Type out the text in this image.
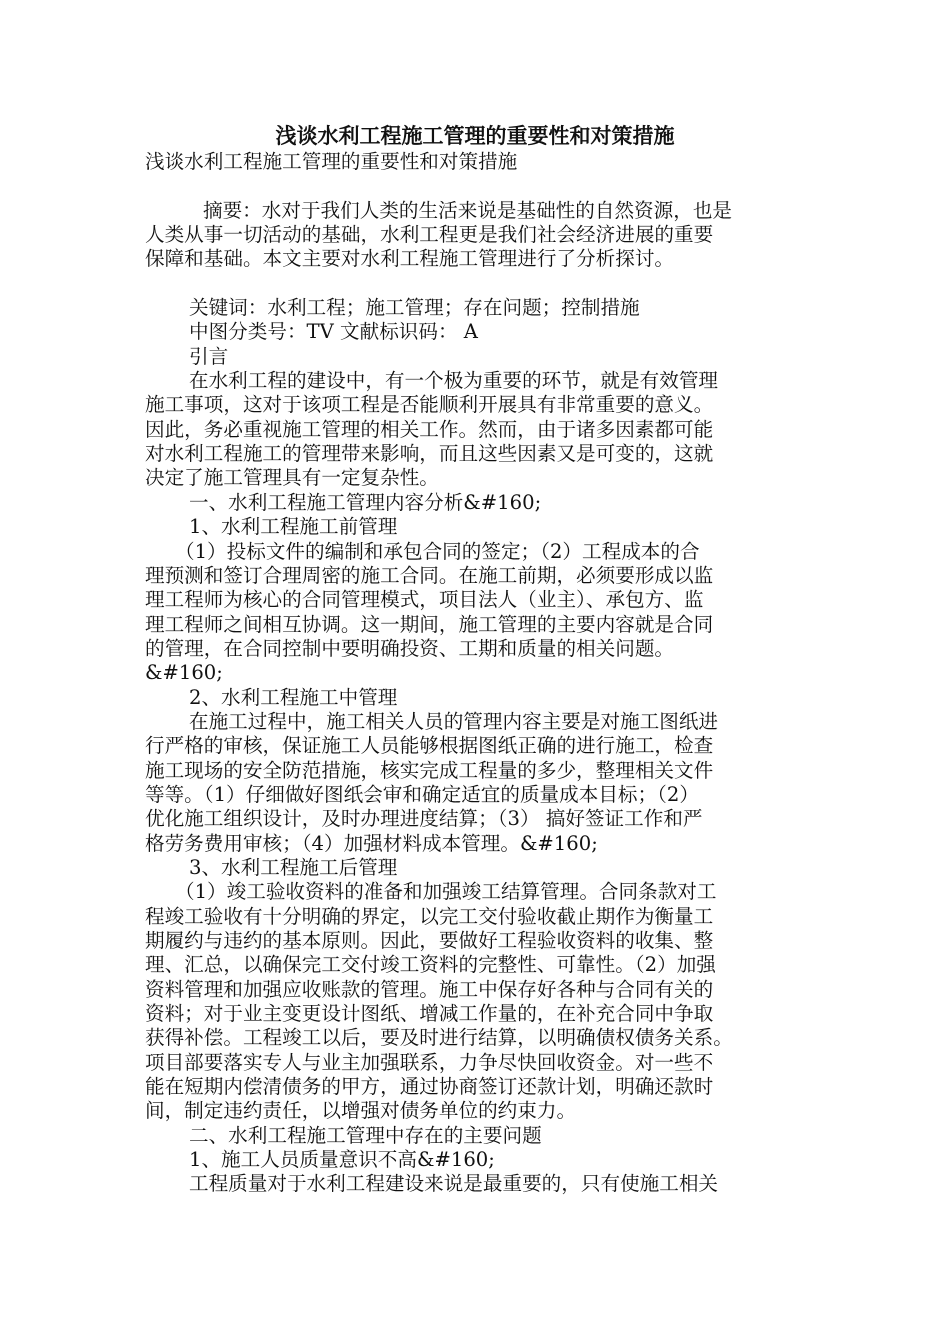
浅谈水利工程施工管理的重要性和对策措施
浅谈水利工程施工管理的重要性和对策措施
摘要：水对于我们人类的生活来说是基础性的自然资源，也是
人类从事一切活动的基础，水利工程更是我们社会经济进展的重要
保障和基础。本文主要对水利工程施工管理进行了分析探讨。
关键词：水利工程；施工管理；存在问题；控制措施
中图分类号：TV 文献标识码： A
引言
在水利工程的建设中，有一个极为重要的环节，就是有效管理
施工事项，这对于该项工程是否能顺利开展具有非常重要的意义。
因此，务必重视施工管理的相关工作。然而，由于诸多因素都可能
对水利工程施工的管理带来影响，而且这些因素又是可变的，这就
决定了施工管理具有一定复杂性。
一、水利工程施工管理内容分析&#160;
1、水利工程施工前管理
（1）投标文件的编制和承包合同的签定；（2）工程成本的合
理预测和签订合理周密的施工合同。在施工前期，必须要形成以监
理工程师为核心的合同管理模式，项目法人（业主）、承包方、监
理工程师之间相互协调。这一期间，施工管理的主要内容就是合同
的管理，在合同控制中要明确投资、工期和质量的相关问题。
&#160;
2、水利工程施工中管理
在施工过程中，施工相关人员的管理内容主要是对施工图纸进
行严格的审核，保证施工人员能够根据图纸正确的进行施工，检查
施工现场的安全防范措施，核实完成工程量的多少，整理相关文件
等等。（1）仔细做好图纸会审和确定适宜的质量成本目标；（2）
优化施工组织设计，及时办理进度结算；（3） 搞好签证工作和严
格劳务费用审核；（4）加强材料成本管理。&#160;
3、水利工程施工后管理
（1）竣工验收资料的准备和加强竣工结算管理。合同条款对工
程竣工验收有十分明确的界定，以完工交付验收截止期作为衡量工
期履约与违约的基本原则。因此，要做好工程验收资料的收集、整
理、汇总，以确保完工交付竣工资料的完整性、可靠性。（2）加强
资料管理和加强应收账款的管理。施工中保存好各种与合同有关的
资料；对于业主变更设计图纸、增减工作量的，在补充合同中争取
获得补偿。工程竣工以后，要及时进行结算，以明确债权债务关系。
项目部要落实专人与业主加强联系，力争尽快回收资金。对一些不
能在短期内偿清债务的甲方，通过协商签订还款计划，明确还款时
间，制定违约责任，以增强对债务单位的约束力。
二、水利工程施工管理中存在的主要问题
1、施工人员质量意识不高&#160;
工程质量对于水利工程建设来说是最重要的，只有使施工相关
